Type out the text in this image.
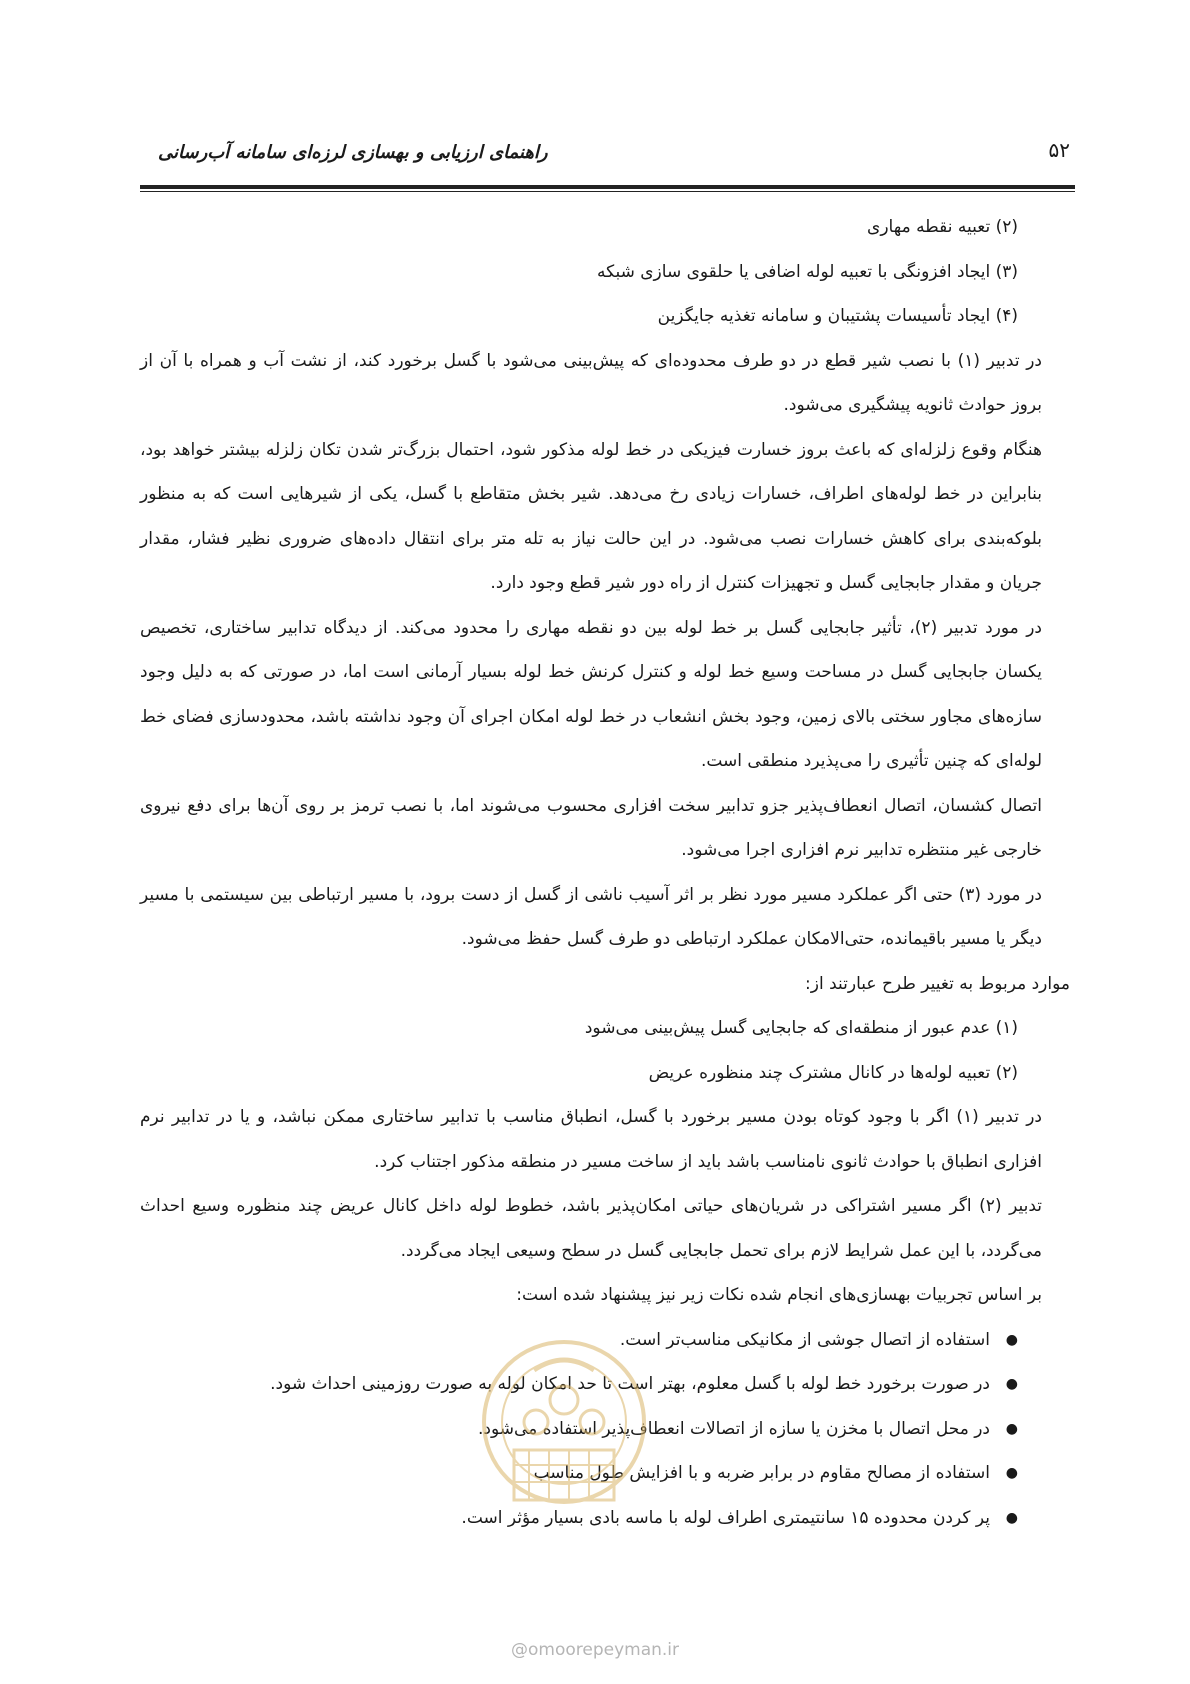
۵۲
راهنمای ارزیابی و بهسازی لرزه‌ای سامانه آب‌رسانی

(۲) تعبیه نقطه مهاری

(۳) ایجاد افزونگی با تعبیه لوله اضافی یا حلقوی سازی شبکه

(۴) ایجاد تأسیسات پشتیبان و سامانه تغذیه جایگزین

در تدبیر (۱) با نصب شیر قطع در دو طرف محدوده‌ای که پیش‌بینی می‌شود با گسل برخورد کند، از نشت آب و همراه با آن از بروز حوادث ثانویه پیشگیری می‌شود.

هنگام وقوع زلزله‌ای که باعث بروز خسارت فیزیکی در خط لوله مذکور شود، احتمال بزرگ‌تر شدن تکان زلزله بیشتر خواهد بود، بنابراین در خط لوله‌های اطراف، خسارات زیادی رخ می‌دهد. شیر بخش متقاطع با گسل، یکی از شیرهایی است که به منظور بلوکه‌بندی برای کاهش خسارات نصب می‌شود. در این حالت نیاز به تله متر برای انتقال داده‌های ضروری نظیر فشار، مقدار جریان و مقدار جابجایی گسل و تجهیزات کنترل از راه دور شیر قطع وجود دارد.

در مورد تدبیر (۲)، تأثیر جابجایی گسل بر خط لوله بین دو نقطه مهاری را محدود می‌کند. از دیدگاه تدابیر ساختاری، تخصیص یکسان جابجایی گسل در مساحت وسیع خط لوله و کنترل کرنش خط لوله بسیار آرمانی است اما، در صورتی که به دلیل وجود سازه‌های مجاور سختی بالای زمین، وجود بخش انشعاب در خط لوله امکان اجرای آن وجود نداشته باشد، محدودسازی فضای خط لوله‌ای که چنین تأثیری را می‌پذیرد منطقی است.

اتصال کشسان، اتصال انعطاف‌پذیر جزو تدابیر سخت افزاری محسوب می‌شوند اما، با نصب ترمز بر روی آن‌ها برای دفع نیروی خارجی غیر منتظره تدابیر نرم افزاری اجرا می‌شود.

در مورد (۳) حتی اگر عملکرد مسیر مورد نظر بر اثر آسیب ناشی از گسل از دست برود، با مسیر ارتباطی بین سیستمی با مسیر دیگر یا مسیر باقیمانده، حتی‌الامکان عملکرد ارتباطی دو طرف گسل حفظ می‌شود.

موارد مربوط به تغییر طرح عبارتند از:

(۱) عدم عبور از منطقه‌ای که جابجایی گسل پیش‌بینی می‌شود

(۲) تعبیه لوله‌ها در کانال مشترک چند منظوره عریض

در تدبیر (۱) اگر با وجود کوتاه بودن مسیر برخورد با گسل، انطباق مناسب با تدابیر ساختاری ممکن نباشد، و یا در تدابیر نرم افزاری انطباق با حوادث ثانوی نامناسب باشد باید از ساخت مسیر در منطقه مذکور اجتناب کرد.

تدبیر (۲) اگر مسیر اشتراکی در شریان‌های حیاتی امکان‌پذیر باشد، خطوط لوله داخل کانال عریض چند منظوره وسیع احداث می‌گردد، با این عمل شرایط لازم برای تحمل جابجایی گسل در سطح وسیعی ایجاد می‌گردد.

بر اساس تجربیات بهسازی‌های انجام شده نکات زیر نیز پیشنهاد شده است:

●
استفاده از اتصال جوشی از مکانیکی مناسب‌تر است.
●
در صورت برخورد خط لوله با گسل معلوم، بهتر است تا حد امکان لوله به صورت روزمینی احداث شود.
●
در محل اتصال با مخزن یا سازه از اتصالات انعطاف‌پذیر استفاده می‌شود.
●
استفاده از مصالح مقاوم در برابر ضربه و با افزایش طول مناسب
●
پر کردن محدوده ۱۵ سانتیمتری اطراف لوله با ماسه بادی بسیار مؤثر است.
@omoorepeyman.ir
